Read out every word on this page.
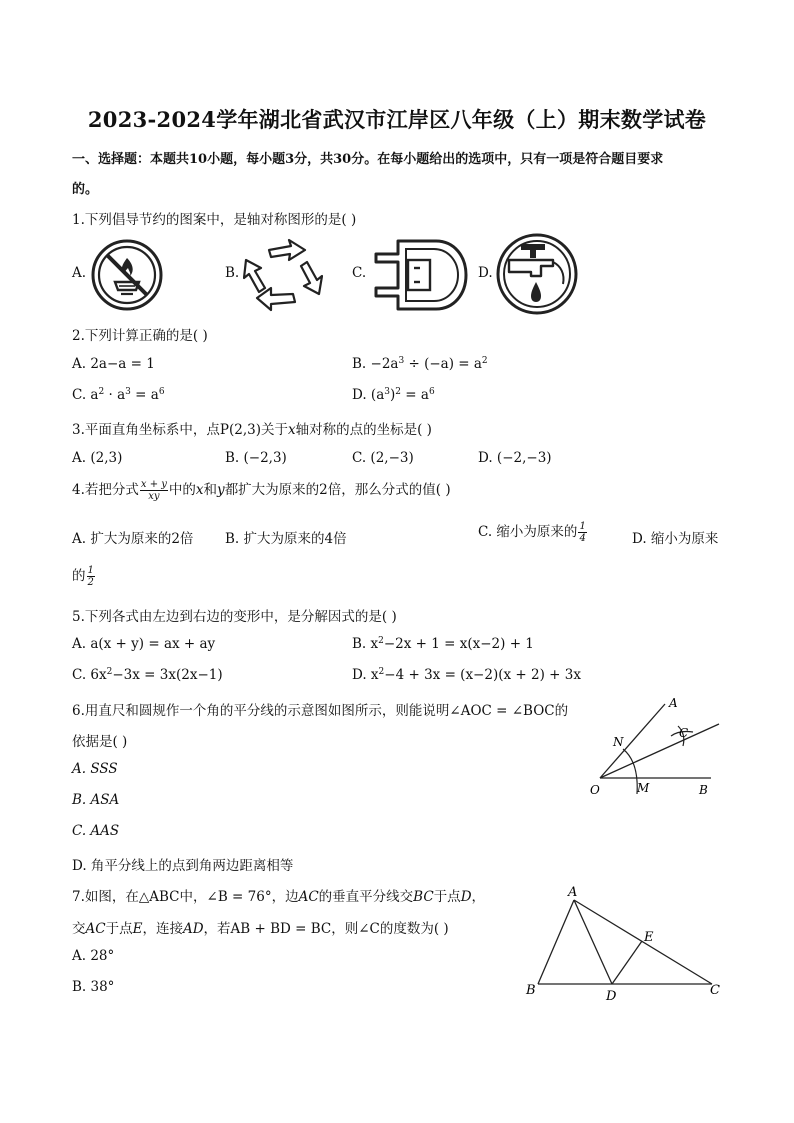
2023-2024学年湖北省武汉市江岸区八年级（上）期末数学试卷
一、选择题：本题共10小题，每小题3分，共30分。在每小题给出的选项中，只有一项是符合题目要求
的。
1.下列倡导节约的图案中，是轴对称图形的是( )
A.	B.	C.	D.
2.下列计算正确的是( )
A. 2a−a = 1	B. $-2a^3 \div (-a) = a^2$
C. $a^2 \cdot a^3 = a^6$	D. $(a^3)^2 = a^6$
3.平面直角坐标系中，点P(2,3)关于x轴对称的点的坐标是( )
A. (2,3)	B. (−2,3)	C. (2,−3)	D. (−2,−3)
4.若把分式 $\frac{x + y}{xy}$ 中的x和y都扩大为原来的2倍，那么分式的值( )
A. 扩大为原来的2倍 B. 扩大为原来的4倍	C. 缩小为原来的 $\frac{1}{4}$	D. 缩小为原来
的 $\frac{1}{2}$
5.下列各式由左边到右边的变形中，是分解因式的是( )
A. a(x + y) = ax + ay	B. $x^2-2x + 1 = x(x-2) + 1$
C. $6x^2-3x = 3x(2x-1)$	D. $x^2-4 + 3x = (x-2)(x + 2) + 3x$
6.用直尺和圆规作一个角的平分线的示意图如图所示，则能说明∠AOC = ∠BOC的
依据是( )
A. SSS
B. ASA
C. AAS
D. 角平分线上的点到角两边距离相等
A
N
C
O	M	B
7.如图，在△ABC中，∠B = 76°，边AC的垂直平分线交BC于点D，
交AC于点E，连接AD，若AB + BD = BC，则∠C的度数为( )
A. 28°
B. 38°
A
B	C
D
E
